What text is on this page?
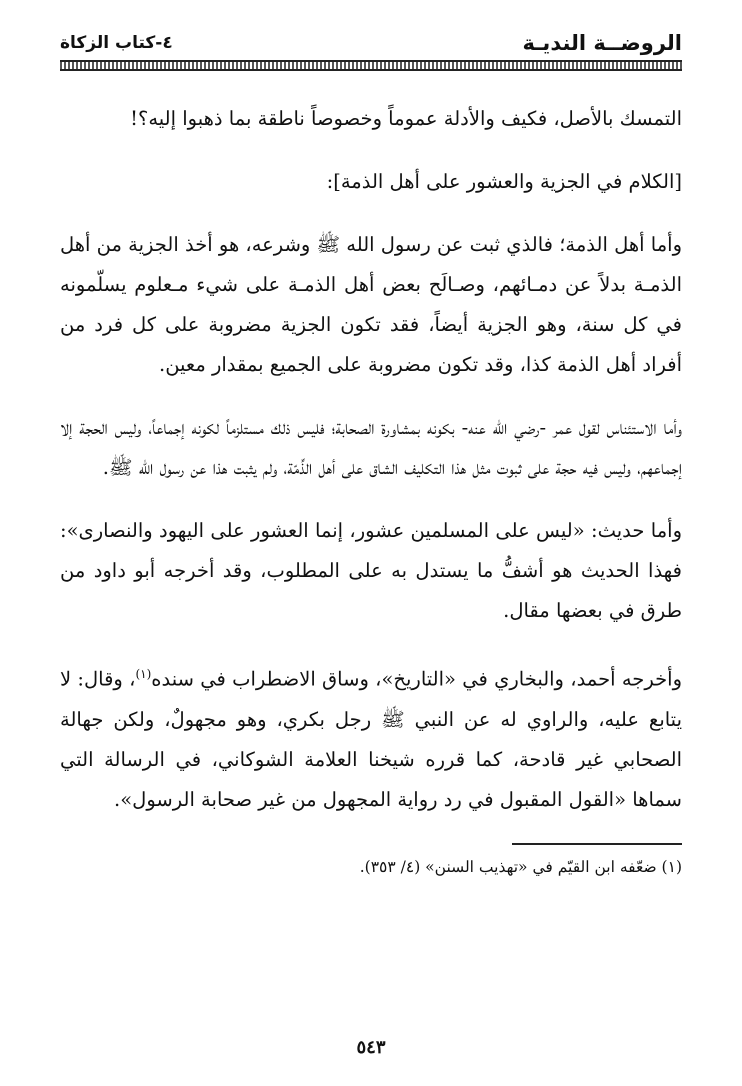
الروضــة النديـة
٤-كتاب الزكاة

التمسك بالأصل، فكيف والأدلة عموماً وخصوصاً ناطقة بما ذهبوا إليه؟!

[الكلام في الجزية والعشور على أهل الذمة]:

وأما أهل الذمة؛ فالذي ثبت عن رسول الله ﷺ وشرعه، هو أخذ الجزية من أهل الذمـة بدلاً عن دمـائهم، وصـالَح بعض أهل الذمـة على شيء مـعلوم يسلّمونه في كل سنة، وهو الجزية أيضاً، فقد تكون الجزية مضروبة على كل فرد من أفراد أهل الذمة كذا، وقد تكون مضروبة على الجميع بمقدار معين.

وأما الاستئناس لقول عمر -رضي الله عنه- بكونه بمشاورة الصحابة؛ فليس ذلك مستلزماً لكونه إجماعاً، وليس الحجة إلا إجماعهم، وليس فيه حجة على ثبوت مثل هذا التكليف الشاق على أهل الذِّمّة، ولم يثبت هذا عن رسول الله ﷺ.

وأما حديث: «ليس على المسلمين عشور، إنما العشور على اليهود والنصارى»: فهذا الحديث هو أشفُّ ما يستدل به على المطلوب، وقد أخرجه أبو داود من طرق في بعضها مقال.

وأخرجه أحمد، والبخاري في «التاريخ»، وساق الاضطراب في سنده$^{(١)}$، وقال: لا يتابع عليه، والراوي له عن النبي ﷺ رجل بكري، وهو مجهولٌ، ولكن جهالة الصحابي غير قادحة، كما قرره شيخنا العلامة الشوكاني، في الرسالة التي سماها «القول المقبول في رد رواية المجهول من غير صحابة الرسول».

(١) ضعّفه ابن القيّم في «تهذيب السنن» (٤/ ٣٥٣).

٥٤٣
